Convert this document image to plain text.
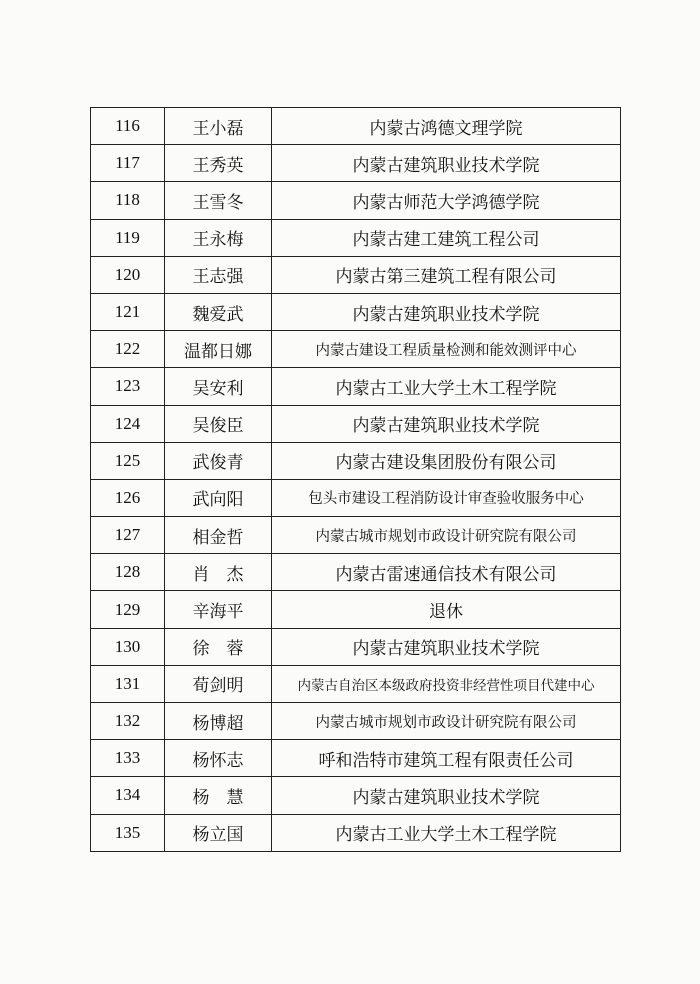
116	王小磊	内蒙古鸿德文理学院
117	王秀英	内蒙古建筑职业技术学院
118	王雪冬	内蒙古师范大学鸿德学院
119	王永梅	内蒙古建工建筑工程公司
120	王志强	内蒙古第三建筑工程有限公司
121	魏爱武	内蒙古建筑职业技术学院
122	温都日娜	内蒙古建设工程质量检测和能效测评中心
123	吴安利	内蒙古工业大学土木工程学院
124	吴俊臣	内蒙古建筑职业技术学院
125	武俊青	内蒙古建设集团股份有限公司
126	武向阳	包头市建设工程消防设计审查验收服务中心
127	相金哲	内蒙古城市规划市政设计研究院有限公司
128	肖　杰	内蒙古雷速通信技术有限公司
129	辛海平	退休
130	徐　蓉	内蒙古建筑职业技术学院
131	荀剑明	内蒙古自治区本级政府投资非经营性项目代建中心
132	杨博超	内蒙古城市规划市政设计研究院有限公司
133	杨怀志	呼和浩特市建筑工程有限责任公司
134	杨　慧	内蒙古建筑职业技术学院
135	杨立国	内蒙古工业大学土木工程学院
